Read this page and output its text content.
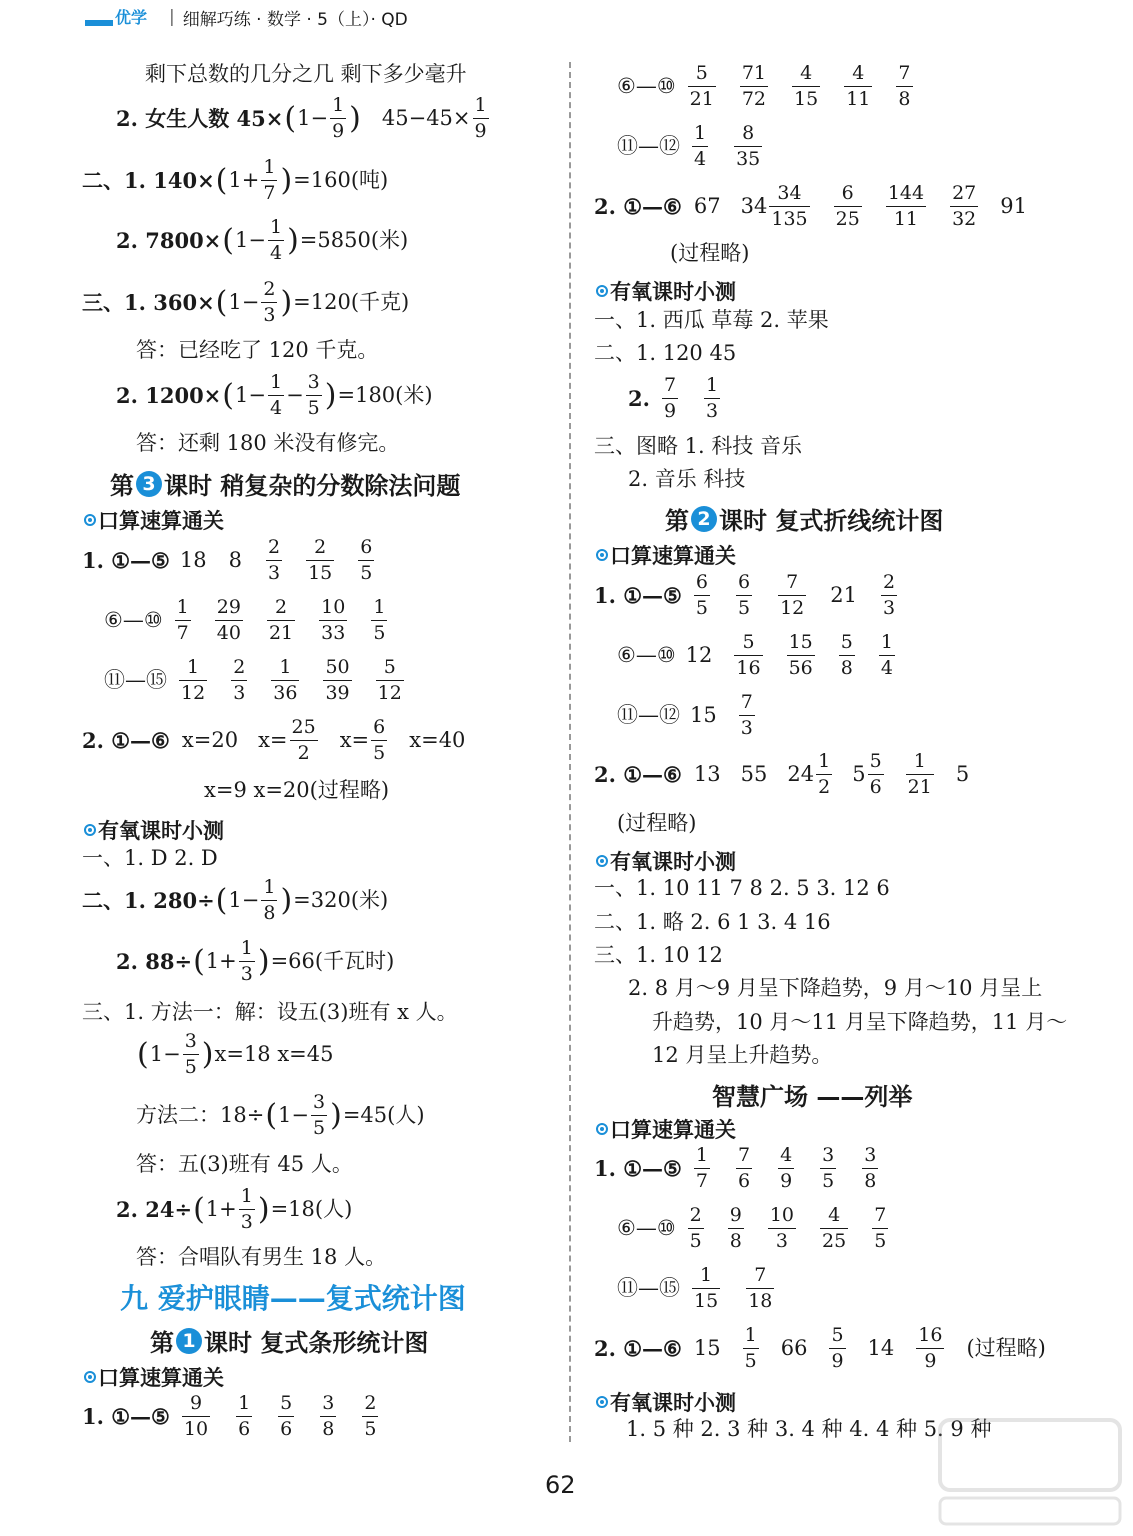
优学 | 细解巧练 · 数学 · 5（上）· QD
剩下总数的几分之几 剩下多少毫升
2. 女生人数 45× ( $1- \frac{1}{9}$ ) $45-45\times \frac{1}{9}$
二、1. 140× ( $1+ \frac{1}{7}$ ) =160(吨)
2. 7800× ( $1- \frac{1}{4}$ ) =5850(米)
三、1. 360× ( $1- \frac{2}{3}$ ) =120(千克)
答：已经吃了 120 千克。
2. 1200× ( $1- \frac{1}{4} - \frac{3}{5}$ ) =180(米)
答：还剩 180 米没有修完。
第 3 课时 稍复杂的分数除法问题
口算速算通关
1. ①—⑤ 18 $8 \frac{2}{3} \frac{2}{15} \frac{6}{5}$
⑥—⑩ $\frac{1}{7} \frac{29}{40} \frac{2}{21} \frac{10}{33} \frac{1}{5}$
⑪—⑮ $\frac{1}{12} \frac{2}{3} \frac{1}{36} \frac{50}{39} \frac{5}{12}$
2. ①—⑥ x=20 $x= \frac{25}{2} x= \frac{6}{5} x=40$
x=9 x=20(过程略)
有氧课时小测
一、1. D 2. D
二、1. 280÷ ( $1- \frac{1}{8}$ ) =320(米)
2. 88÷ ( $1+ \frac{1}{3}$ ) =66(千瓦时)
三、1. 方法一：解：设五(3)班有 x 人。
( $1- \frac{3}{5}$ ) x=18 x=45
方法二：18÷ ( $1- \frac{3}{5}$ ) =45(人)
答：五(3)班有 45 人。
2. 24÷ ( $1+ \frac{1}{3}$ ) =18(人)
答：合唱队有男生 18 人。
九 爱护眼睛——复式统计图
第 1 课时 复式条形统计图
口算速算通关
1. ①—⑤ $\frac{9}{10} \frac{1}{6} \frac{5}{6} \frac{3}{8} \frac{2}{5}$
⑥—⑩ $\frac{5}{21} \frac{71}{72} \frac{4}{15} \frac{4}{11} \frac{7}{8}$
⑪—⑫ $\frac{1}{4} \frac{8}{35}$
2. ①—⑥ 67 $34 \frac{34}{135} \frac{6}{25} \frac{144}{11} \frac{27}{32} 91$
(过程略)
有氧课时小测
一、1. 西瓜 草莓 2. 苹果
二、1. 120 45
2. $\frac{7}{9} \frac{1}{3}$
三、图略 1. 科技 音乐
2. 音乐 科技
第 2 课时 复式折线统计图
口算速算通关
1. ①—⑤ $\frac{6}{5} \frac{6}{5} \frac{7}{12} 21 \frac{2}{3}$
⑥—⑩ $12 \frac{5}{16} \frac{15}{56} \frac{5}{8} \frac{1}{4}$
⑪—⑫ $15 \frac{7}{3}$
2. ①—⑥ 13 55 $24 \frac{1}{2} 5 \frac{5}{6} \frac{1}{21} 5$
(过程略)
有氧课时小测
一、1. 10 11 7 8 2. 5 3. 12 6
二、1. 略 2. 6 1 3. 4 16
三、1. 10 12
2. 8 月～9 月呈下降趋势，9 月～10 月呈上
升趋势，10 月～11 月呈下降趋势，11 月～
12 月呈上升趋势。
智慧广场 ——列举
口算速算通关
1. ①—⑤ $\frac{1}{7} \frac{7}{6} \frac{4}{9} \frac{3}{5} \frac{3}{8}$
⑥—⑩ $\frac{2}{5} \frac{9}{8} \frac{10}{3} \frac{4}{25} \frac{7}{5}$
⑪—⑮ $\frac{1}{15} \frac{7}{18}$
2. ①—⑥ $15 \frac{1}{5} 66 \frac{5}{9} 14 \frac{16}{9}$ (过程略)
有氧课时小测
1. 5 种 2. 3 种 3. 4 种 4. 4 种 5. 9 种
62
